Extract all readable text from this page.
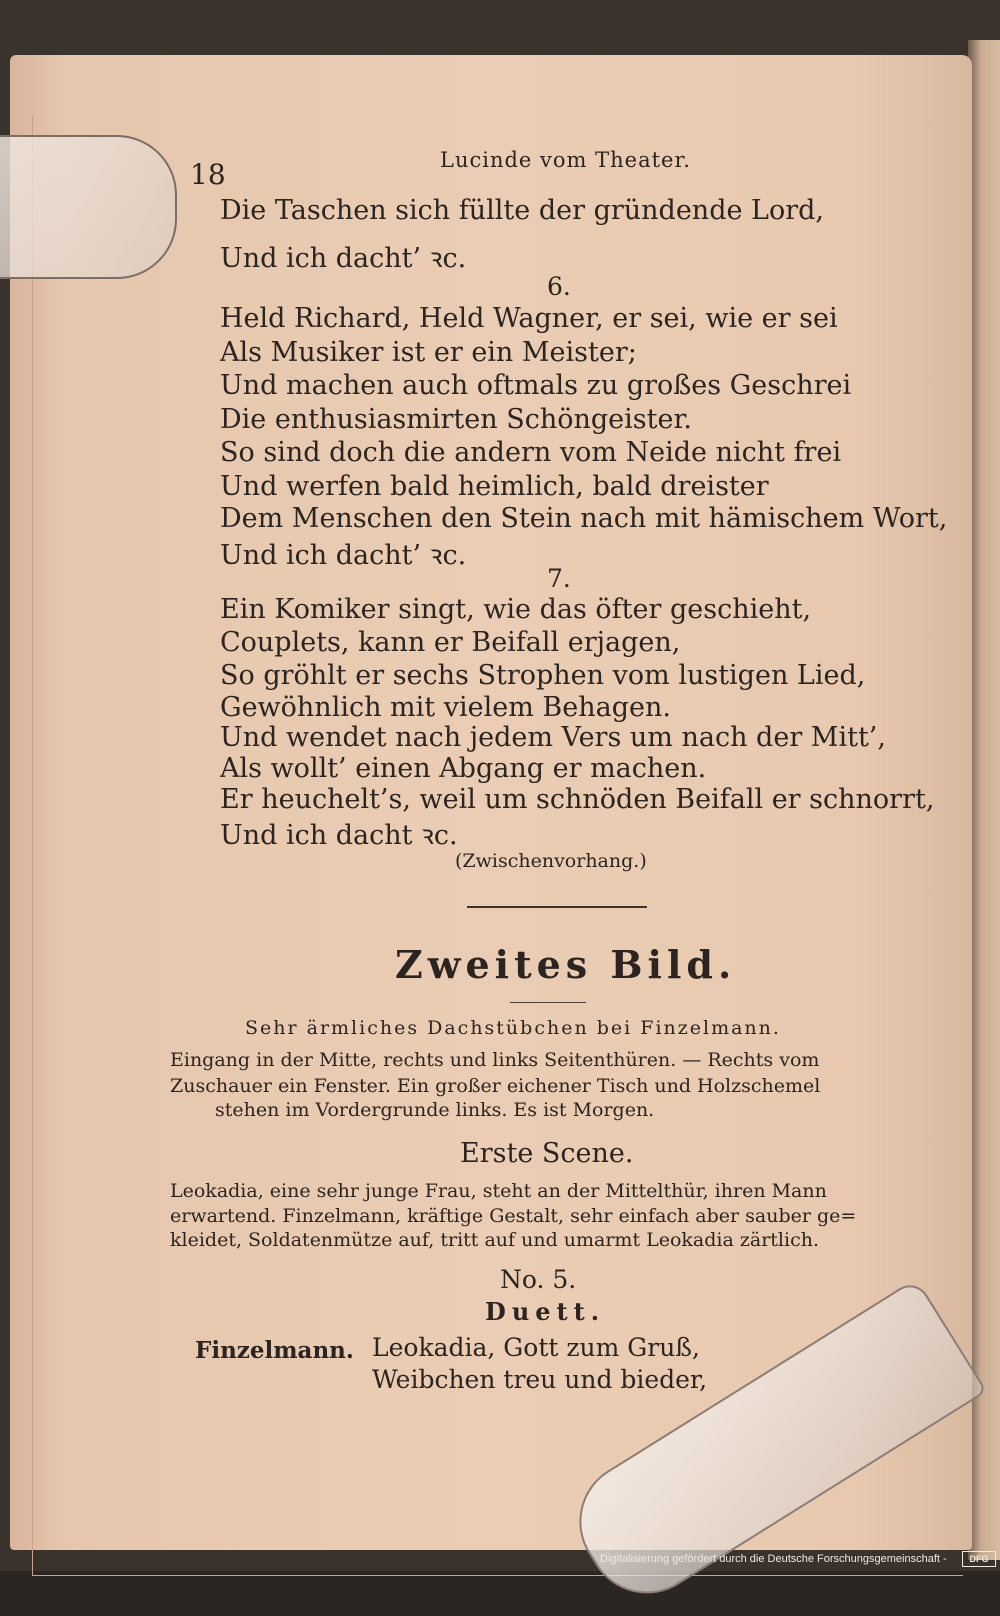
18	Lucinde vom Theater.
Die Taschen sich füllte der gründende Lord,
Und ich dacht’ ꝛc.
6.
Held Richard, Held Wagner, er sei, wie er sei
Als Musiker ist er ein Meister;
Und machen auch oftmals zu großes Geschrei
Die enthusiasmirten Schöngeister.
So sind doch die andern vom Neide nicht frei
Und werfen bald heimlich, bald dreister
Dem Menschen den Stein nach mit hämischem Wort,
Und ich dacht’ ꝛc.
7.
Ein Komiker singt, wie das öfter geschieht,
Couplets, kann er Beifall erjagen,
So gröhlt er sechs Strophen vom lustigen Lied,
Gewöhnlich mit vielem Behagen.
Und wendet nach jedem Vers um nach der Mitt’,
Als wollt’ einen Abgang er machen.
Er heuchelt’s, weil um schnöden Beifall er schnorrt,
Und ich dacht ꝛc.
(Zwischenvorhang.)
Zweites Bild.
Sehr ärmliches Dachstübchen bei Finzelmann.
Eingang in der Mitte, rechts und links Seitenthüren. — Rechts vom
Zuschauer ein Fenster. Ein großer eichener Tisch und Holzschemel
stehen im Vordergrunde links. Es ist Morgen.
Erste Scene.
Leokadia, eine sehr junge Frau, steht an der Mittelthür, ihren Mann
erwartend. Finzelmann, kräftige Gestalt, sehr einfach aber sauber ge=
kleidet, Soldatenmütze auf, tritt auf und umarmt Leokadia zärtlich.
No. 5.
Duett.
Finzelmann. Leokadia, Gott zum Gruß,
Weibchen treu und bieder,
Digitalisierung gefördert durch die Deutsche Forschungsgemeinschaft -	DFG
